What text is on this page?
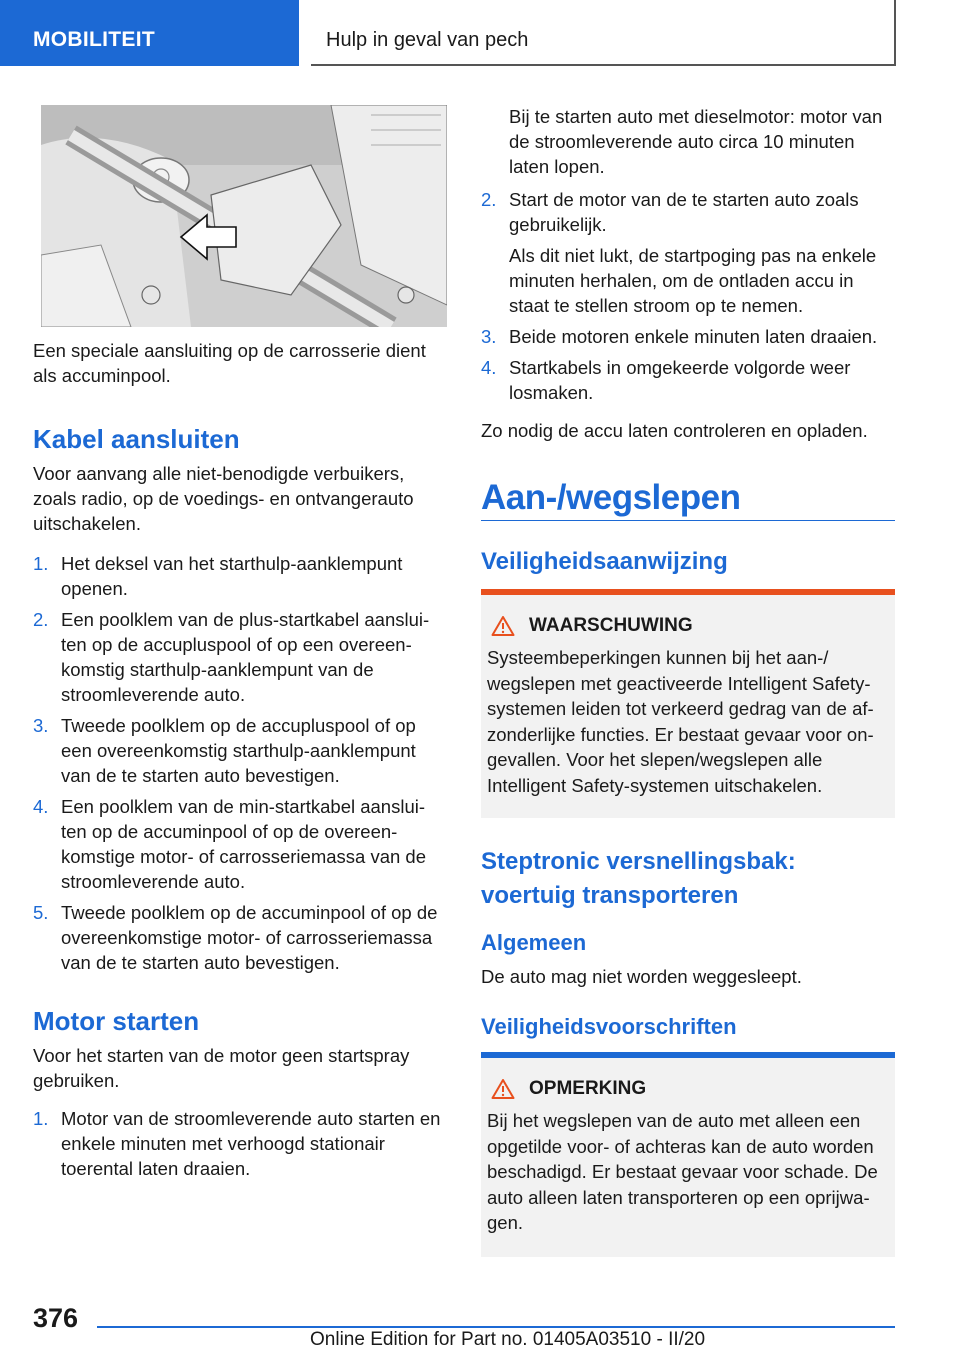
MOBILITEIT	Hulp in geval van pech

Een speciale aansluiting op de carrosserie dient als accuminpool.

Kabel aansluiten

Voor aanvang alle niet-benodigde verbuikers, zoals radio, op de voedings- en ontvangerauto uitschakelen.

1. Het deksel van het starthulp-aanklempunt openen.
2. Een poolklem van de plus-startkabel aansluiten op de accupluspool of op een overeenkomstig starthulp-aanklempunt van de stroomleverende auto.
3. Tweede poolklem op de accupluspool of op een overeenkomstig starthulp-aanklempunt van de te starten auto bevestigen.
4. Een poolklem van de min-startkabel aansluiten op de accuminpool of op de overeenkomstige motor- of carrosseriemassa van de stroomleverende auto.
5. Tweede poolklem op de accuminpool of op de overeenkomstige motor- of carrosseriemassa van de te starten auto bevestigen.
Motor starten

Voor het starten van de motor geen startspray gebruiken.

1. Motor van de stroomleverende auto starten en enkele minuten met verhoogd stationair toerental laten draaien.

Bij te starten auto met dieselmotor: motor van de stroomleverende auto circa 10 minuten laten lopen.

2. Start de motor van de te starten auto zoals gebruikelijk.

Als dit niet lukt, de startpoging pas na enkele minuten herhalen, om de ontladen accu in staat te stellen stroom op te nemen.
3. Beide motoren enkele minuten laten draaien.
4. Startkabels in omgekeerde volgorde weer losmaken.

Zo nodig de accu laten controleren en opladen.

Aan-/wegslepen
Veiligheidsaanwijzing
WAARSCHUWING
Systeembeperkingen kunnen bij het aan-/ wegslepen met geactiveerde Intelligent Safety-systemen leiden tot verkeerd gedrag van de afzonderlijke functies. Er bestaat gevaar voor ongevallen. Voor het slepen/wegslepen alle Intelligent Safety-systemen uitschakelen.
Steptronic versnellingsbak: voertuig transporteren
Algemeen

De auto mag niet worden weggesleept.

Veiligheidsvoorschriften
OPMERKING
Bij het wegslepen van de auto met alleen een opgetilde voor- of achteras kan de auto worden beschadigd. Er bestaat gevaar voor schade. De auto alleen laten transporteren op een oprijwagen.
376
Online Edition for Part no. 01405A03510 - II/20
